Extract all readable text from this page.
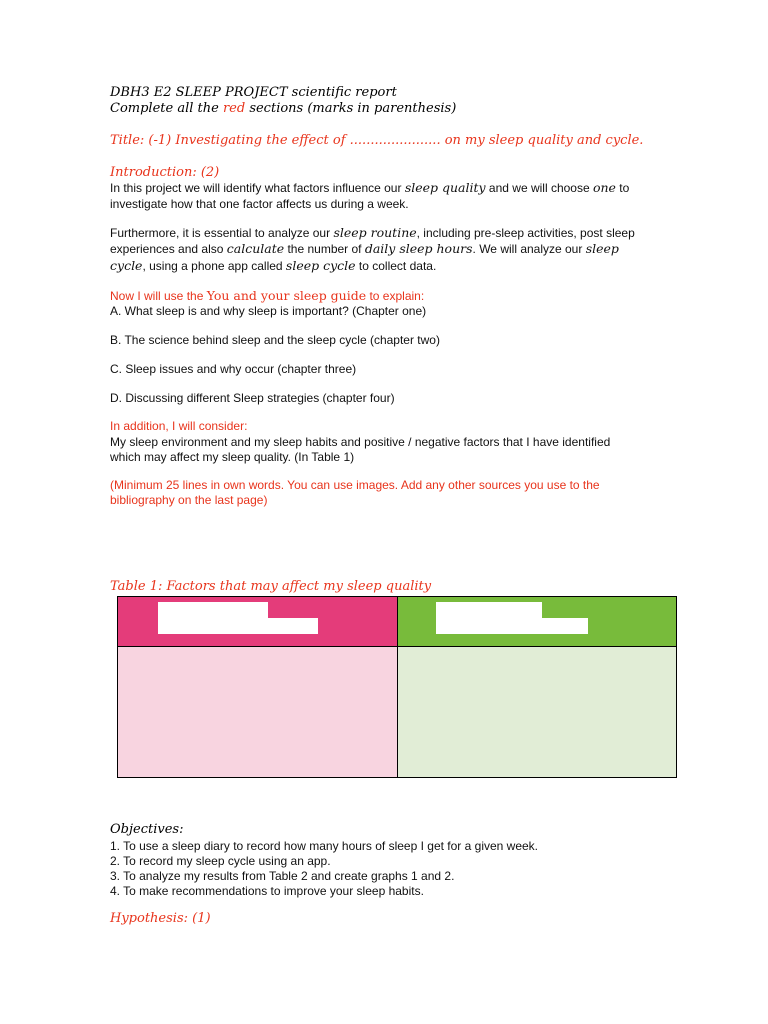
DBH3 E2 SLEEP PROJECT scientific report
Complete all the red sections (marks in parenthesis)
Title: (-1) Investigating the effect of ...................... on my sleep quality and cycle.
Introduction: (2)
In this project we will identify what factors influence our sleep quality and we will choose one to
investigate how that one factor affects us during a week.
Furthermore, it is essential to analyze our sleep routine, including pre-sleep activities, post sleep
experiences and also calculate the number of daily sleep hours. We will analyze our sleep
cycle, using a phone app called sleep cycle to collect data.
Now I will use the You and your sleep guide to explain:
A. What sleep is and why sleep is important? (Chapter one)
B. The science behind sleep and the sleep cycle (chapter two)
C. Sleep issues and why occur (chapter three)
D. Discussing different Sleep strategies (chapter four)
In addition, I will consider:
My sleep environment and my sleep habits and positive / negative factors that I have identified
which may affect my sleep quality. (In Table 1)
(Minimum 25 lines in own words. You can use images. Add any other sources you use to the
bibliography on the last page)
Table 1: Factors that may affect my sleep quality

Objectives:
1. To use a sleep diary to record how many hours of sleep I get for a given week.
2. To record my sleep cycle using an app.
3. To analyze my results from Table 2 and create graphs 1 and 2.
4. To make recommendations to improve your sleep habits.
Hypothesis: (1)
